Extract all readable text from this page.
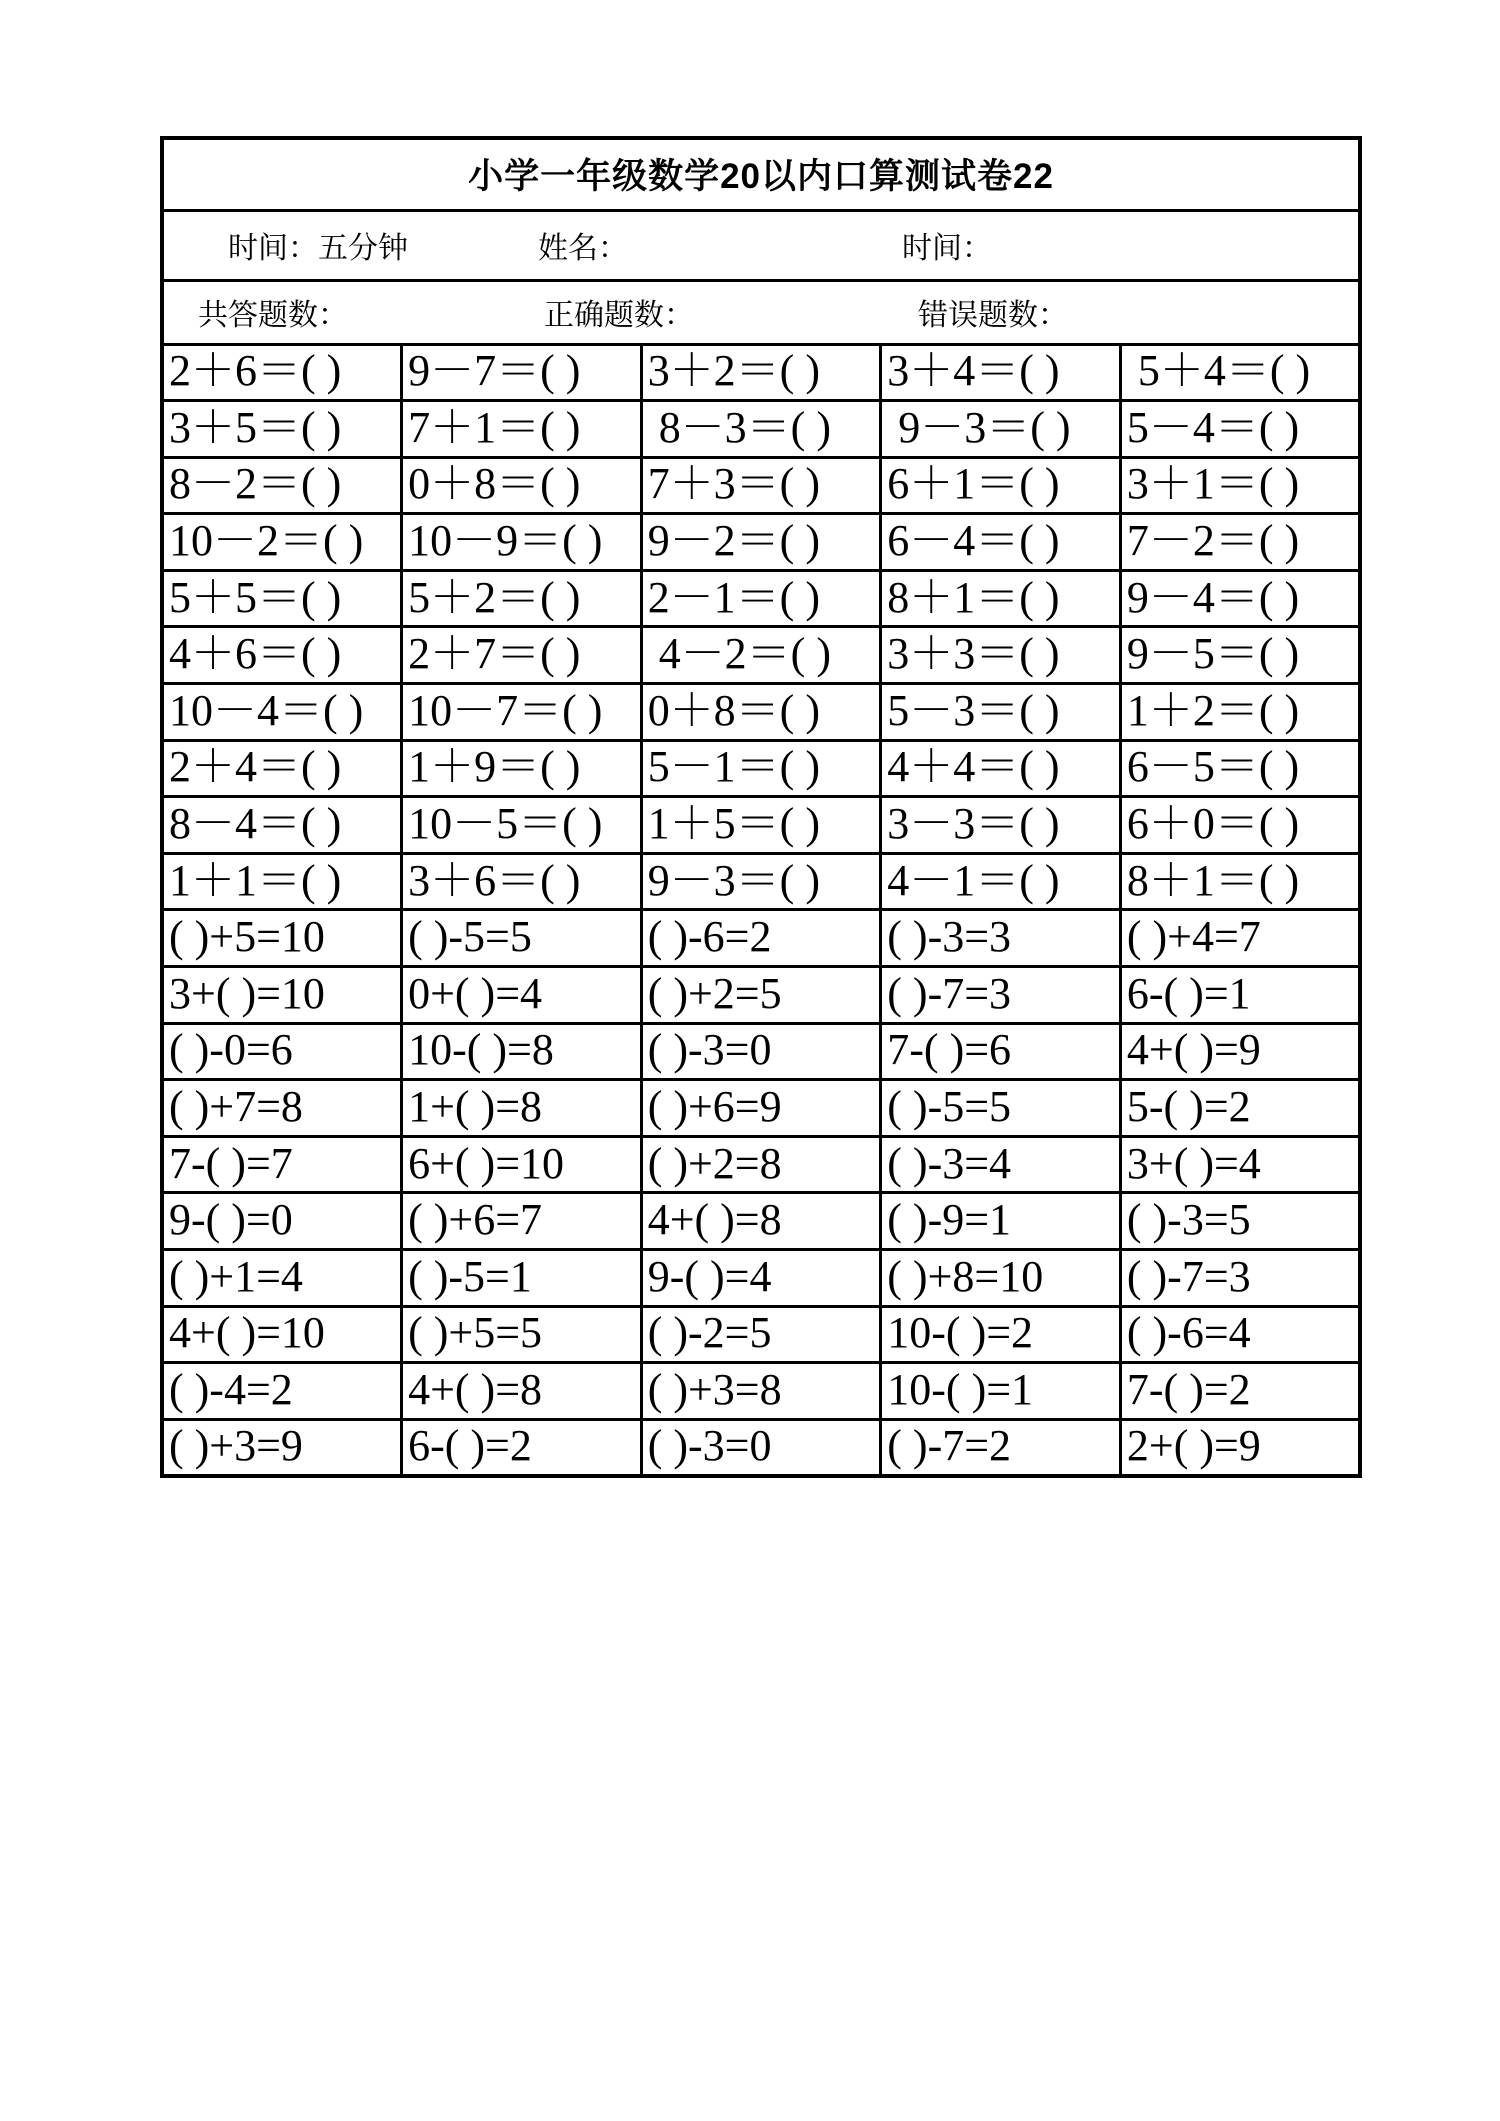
小学一年级数学20以内口算测试卷22				

时间：五分钟 姓名： 时间：				

共答题数： 正确题数： 错误题数：				

2＋6＝( )	9－7＝( )	3＋2＝( )	3＋4＝( )	5＋4＝( )
3＋5＝( )	7＋1＝( )	8－3＝( )	9－3＝( )	5－4＝( )
8－2＝( )	0＋8＝( )	7＋3＝( )	6＋1＝( )	3＋1＝( )
10－2＝( )	10－9＝( )	9－2＝( )	6－4＝( )	7－2＝( )
5＋5＝( )	5＋2＝( )	2－1＝( )	8＋1＝( )	9－4＝( )
4＋6＝( )	2＋7＝( )	4－2＝( )	3＋3＝( )	9－5＝( )
10－4＝( )	10－7＝( )	0＋8＝( )	5－3＝( )	1＋2＝( )
2＋4＝( )	1＋9＝( )	5－1＝( )	4＋4＝( )	6－5＝( )
8－4＝( )	10－5＝( )	1＋5＝( )	3－3＝( )	6＋0＝( )
1＋1＝( )	3＋6＝( )	9－3＝( )	4－1＝( )	8＋1＝( )
( )+5=10	( )-5=5	( )-6=2	( )-3=3	( )+4=7
3+( )=10	0+( )=4	( )+2=5	( )-7=3	6-( )=1
( )-0=6	10-( )=8	( )-3=0	7-( )=6	4+( )=9
( )+7=8	1+( )=8	( )+6=9	( )-5=5	5-( )=2
7-( )=7	6+( )=10	( )+2=8	( )-3=4	3+( )=4
9-( )=0	( )+6=7	4+( )=8	( )-9=1	( )-3=5
( )+1=4	( )-5=1	9-( )=4	( )+8=10	( )-7=3
4+( )=10	( )+5=5	( )-2=5	10-( )=2	( )-6=4
( )-4=2	4+( )=8	( )+3=8	10-( )=1	7-( )=2
( )+3=9	6-( )=2	( )-3=0	( )-7=2	2+( )=9
